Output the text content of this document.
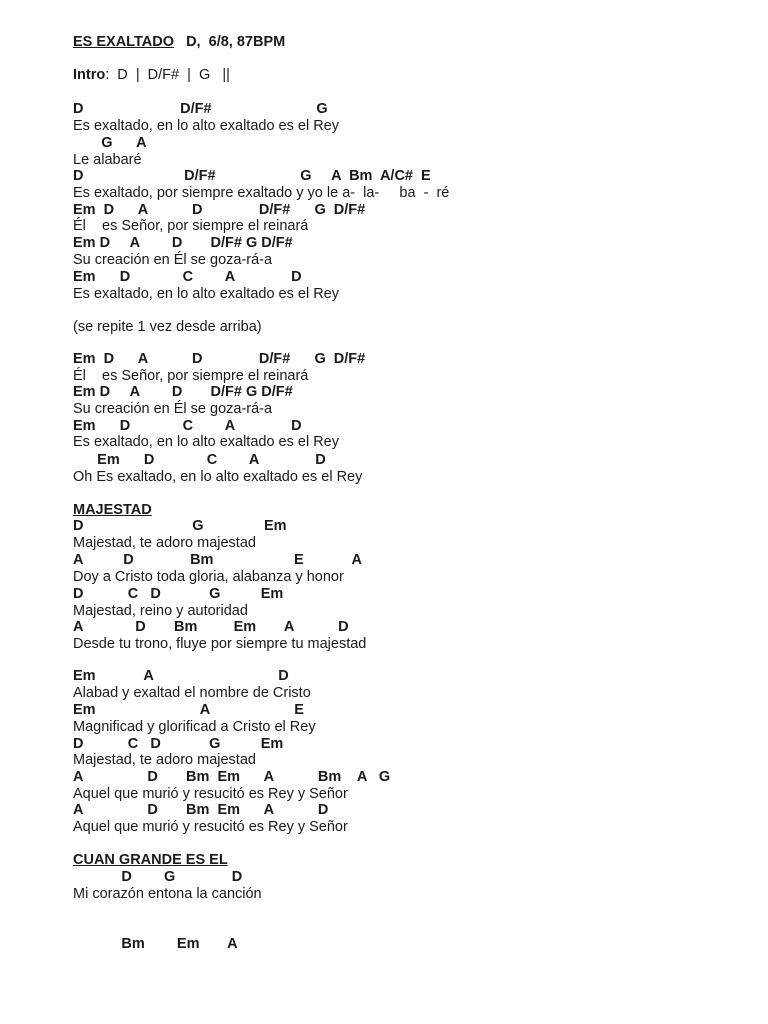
ES EXALTADO   D,  6/8, 87BPM
Intro:  D  |  D/F#  |  G   ||
D                        D/F#                          G
Es exaltado, en lo alto exaltado es el Rey
G      A
Le alabaré
D                         D/F#                     G     A  Bm  A/C#  E
Es exaltado, por siempre exaltado y yo le a-  la-     ba  -  ré
Em  D      A           D              D/F#      G  D/F#
Él    es Señor, por siempre el reinará
Em D     A        D       D/F# G D/F#
Su creación en Él se goza-rá-a
Em      D             C        A              D
Es exaltado, en lo alto exaltado es el Rey
(se repite 1 vez desde arriba)
Em  D      A           D              D/F#      G  D/F#
Él    es Señor, por siempre el reinará
Em D     A        D       D/F# G D/F#
Su creación en Él se goza-rá-a
Em      D             C        A              D
Es exaltado, en lo alto exaltado es el Rey
Em      D             C        A              D
Oh Es exaltado, en lo alto exaltado es el Rey
MAJESTAD
D                           G               Em
Majestad, te adoro majestad
A          D              Bm                    E            A
Doy a Cristo toda gloria, alabanza y honor
D           C   D            G          Em
Majestad, reino y autoridad
A             D       Bm         Em       A           D
Desde tu trono, fluye por siempre tu majestad
Em            A                               D
Alabad y exaltad el nombre de Cristo
Em                          A                     E
Magnificad y glorificad a Cristo el Rey
D           C   D            G          Em
Majestad, te adoro majestad
A                D       Bm  Em      A           Bm    A   G
Aquel que murió y resucitó es Rey y Señor
A                D       Bm  Em      A           D
Aquel que murió y resucitó es Rey y Señor
CUAN GRANDE ES EL
D        G              D
Mi corazón entona la canción
Bm        Em       A
